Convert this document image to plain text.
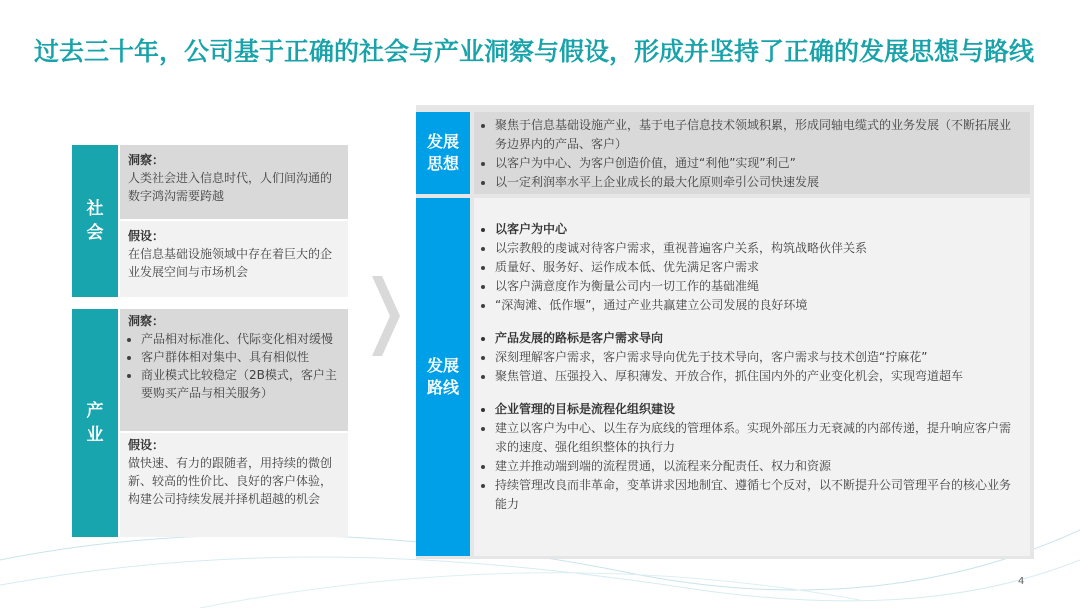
过去三十年，公司基于正确的社会与产业洞察与假设，形成并坚持了正确的发展思想与路线
社会
洞察：
人类社会进入信息时代，人们间沟通的数字鸿沟需要跨越
假设：
在信息基础设施领域中存在着巨大的企业发展空间与市场机会
产业
洞察：
• 产品相对标准化、代际变化相对缓慢
• 客户群体相对集中、具有相似性
• 商业模式比较稳定（2B模式，客户主要购买产品与相关服务）
假设：
做快速、有力的跟随者，用持续的微创新、较高的性价比、良好的客户体验，构建公司持续发展并择机超越的机会
发展思想
• 聚焦于信息基础设施产业，基于电子信息技术领域积累，形成同轴电缆式的业务发展（不断拓展业务边界内的产品、客户）
• 以客户为中心、为客户创造价值，通过“利他”实现”利己”
• 以一定利润率水平上企业成长的最大化原则牵引公司快速发展
发展路线
• 以客户为中心
• 以宗教般的虔诚对待客户需求，重视普遍客户关系，构筑战略伙伴关系
• 质量好、服务好、运作成本低、优先满足客户需求
• 以客户满意度作为衡量公司内一切工作的基础准绳
• “深淘滩、低作堰”，通过产业共赢建立公司发展的良好环境
• 产品发展的路标是客户需求导向
• 深刻理解客户需求，客户需求导向优先于技术导向，客户需求与技术创造“拧麻花”
• 聚焦管道、压强投入、厚积薄发、开放合作，抓住国内外的产业变化机会，实现弯道超车
• 企业管理的目标是流程化组织建设
• 建立以客户为中心、以生存为底线的管理体系。实现外部压力无衰减的内部传递，提升响应客户需求的速度、强化组织整体的执行力
• 建立并推动端到端的流程贯通，以流程来分配责任、权力和资源
• 持续管理改良而非革命，变革讲求因地制宜、遵循七个反对，以不断提升公司管理平台的核心业务能力
4
